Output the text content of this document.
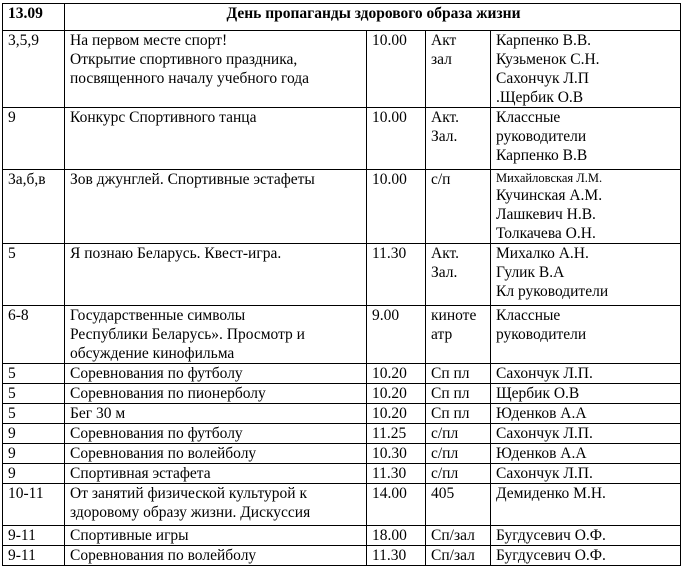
13.09	День пропаганды здорового образа жизни			
3,5,9	На первом месте спорт!
Открытие спортивного праздника,
посвященного началу учебного года	10.00	Акт
зал	Карпенко В.В.
Кузьменок С.Н.
Сахончук Л.П
.Щербик О.В

9	Конкурс Спортивного танца	10.00	Акт.
Зал.	Классные
руководители
Карпенко В.В

3а,б,в	Зов джунглей. Спортивные эстафеты	10.00	с/п	Михайловская Л.М.
Кучинская А.М.
Лашкевич Н.В.
Толкачева О.Н.

5	Я познаю Беларусь. Квест-игра.	11.30	Акт.
Зал.	Михалко А.Н.
Гулик В.А
Кл руководители

6-8	Государственные символы
Республики Беларусь». Просмотр и
обсуждение кинофильма	9.00	киноте
атр	Классные
руководители

5	Соревнования по футболу	10.20	Сп пл	Сахончук Л.П.
5	Соревнования по пионерболу	10.20	Сп пл	Щербик О.В
5	Бег 30 м	10.20	Сп пл	Юденков А.А
9	Соревнования по футболу	11.25	с/пл	Сахончук Л.П.
9	Соревнования по волейболу	10.30	с/пл	Юденков А.А
9	Спортивная эстафета	11.30	с/пл	Сахончук Л.П.
10-11	От занятий физической культурой к
здоровому образу жизни. Дискуссия	14.00	405	Демиденко М.Н.
9-11	Спортивные игры	18.00	Сп/зал	Бугдусевич О.Ф.
9-11	Соревнования по волейболу	11.30	Сп/зал	Бугдусевич О.Ф.
